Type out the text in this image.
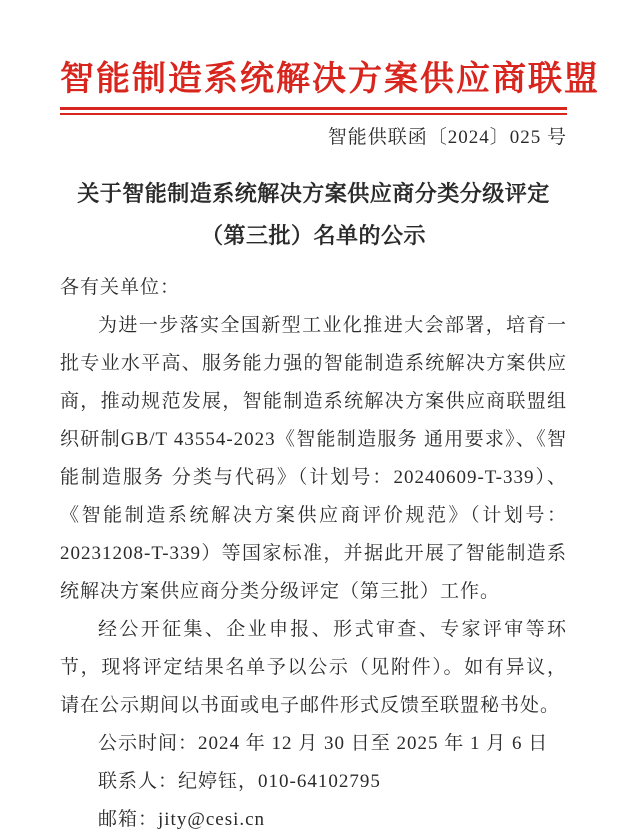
智能制造系统解决方案供应商联盟
智能供联函〔2024〕025 号
关于智能制造系统解决方案供应商分类分级评定
（第三批）名单的公示
各有关单位：

为进一步落实全国新型工业化推进大会部署，培育一批专业水平高、服务能力强的智能制造系统解决方案供应商，推动规范发展，智能制造系统解决方案供应商联盟组织研制GB/T 43554-2023《智能制造服务 通用要求》、《智能制造服务 分类与代码》（计划号：20240609-T-339）、《智能制造系统解决方案供应商评价规范》（计划号：20231208-T-339）等国家标准，并据此开展了智能制造系统解决方案供应商分类分级评定（第三批）工作。

经公开征集、企业申报、形式审查、专家评审等环节，现将评定结果名单予以公示（见附件）。如有异议，请在公示期间以书面或电子邮件形式反馈至联盟秘书处。

公示时间：2024 年 12 月 30 日至 2025 年 1 月 6 日
联系人：纪婷钰，010-64102795
邮箱：jity@cesi.cn
